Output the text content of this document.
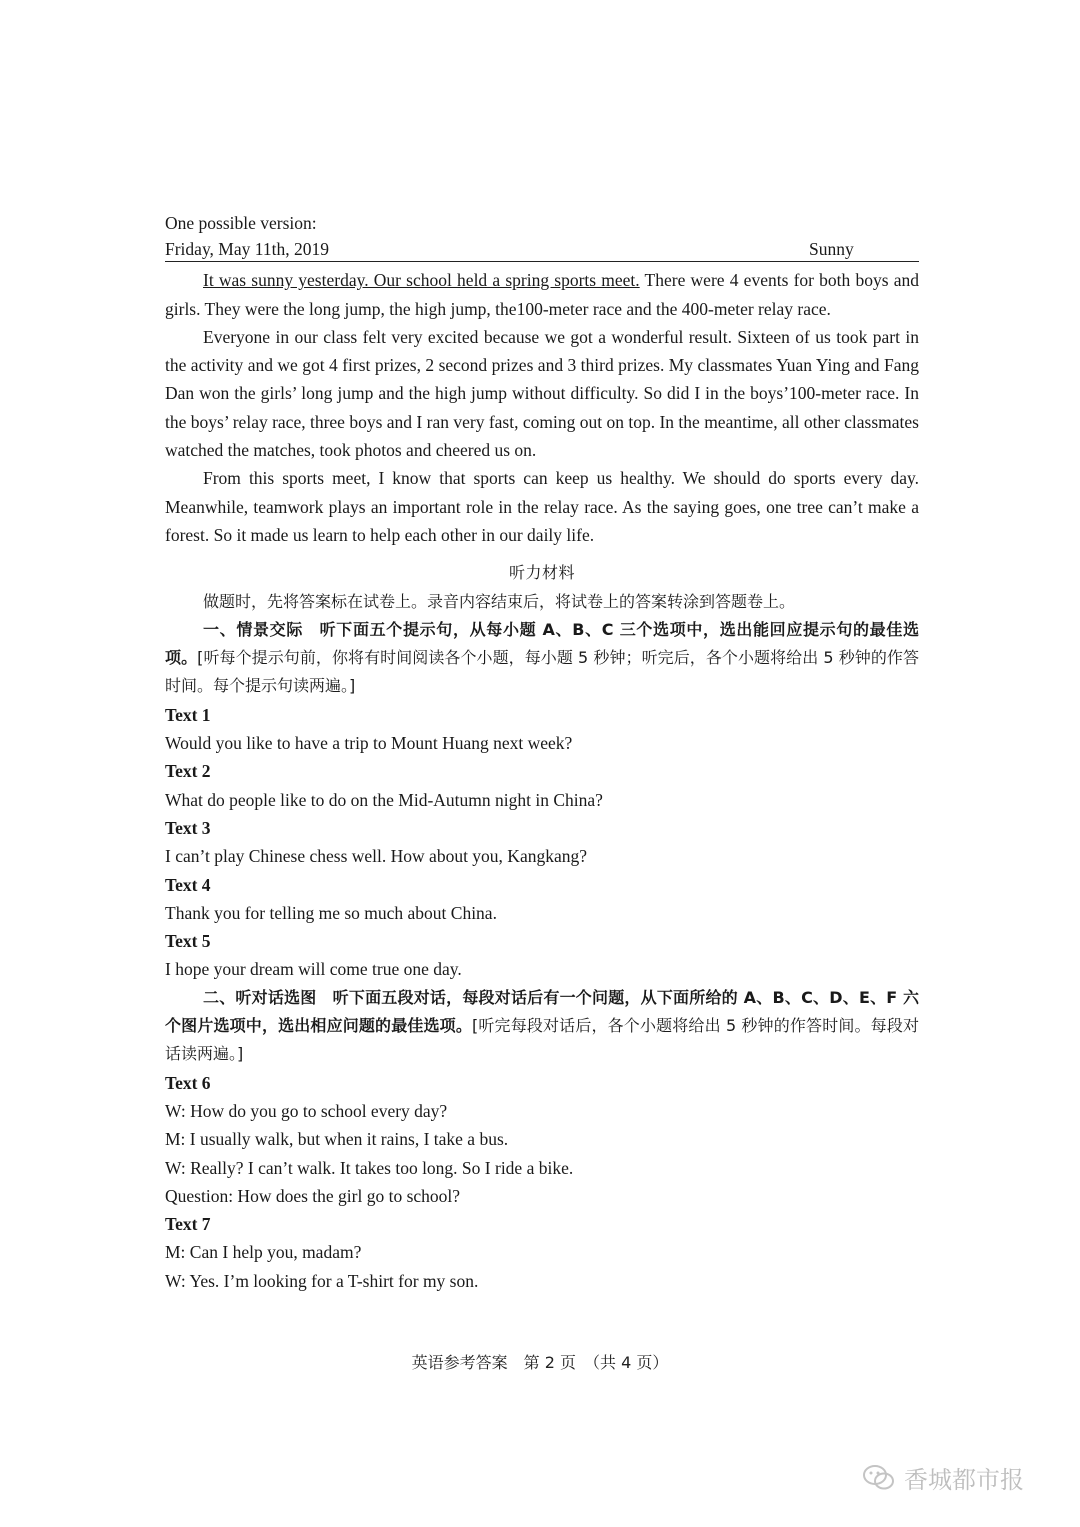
One possible version:
Friday, May 11th, 2019	Sunny

It was sunny yesterday. Our school held a spring sports meet. There were 4 events for both boys and girls. They were the long jump, the high jump, the100-meter race and the 400-meter relay race.

Everyone in our class felt very excited because we got a wonderful result. Sixteen of us took part in the activity and we got 4 first prizes, 2 second prizes and 3 third prizes. My classmates Yuan Ying and Fang Dan won the girls’ long jump and the high jump without difficulty. So did I in the boys’100-meter race. In the boys’ relay race, three boys and I ran very fast, coming out on top. In the meantime, all other classmates watched the matches, took photos and cheered us on.

From this sports meet, I know that sports can keep us healthy. We should do sports every day. Meanwhile, teamwork plays an important role in the relay race. As the saying goes, one tree can’t make a forest. So it made us learn to help each other in our daily life.

听力材料

做题时，先将答案标在试卷上。录音内容结束后，将试卷上的答案转涂到答题卷上。

一、情景交际　听下面五个提示句，从每小题 A、B、C 三个选项中，选出能回应提示句的最佳选项。[听每个提示句前，你将有时间阅读各个小题，每小题 5 秒钟；听完后，各个小题将给出 5 秒钟的作答时间。每个提示句读两遍。]

Text 1
Would you like to have a trip to Mount Huang next week?
Text 2
What do people like to do on the Mid-Autumn night in China?
Text 3
I can’t play Chinese chess well. How about you, Kangkang?
Text 4
Thank you for telling me so much about China.
Text 5
I hope your dream will come true one day.

二、听对话选图　听下面五段对话，每段对话后有一个问题，从下面所给的 A、B、C、D、E、F 六个图片选项中，选出相应问题的最佳选项。[听完每段对话后，各个小题将给出 5 秒钟的作答时间。每段对话读两遍。]

Text 6
W: How do you go to school every day?
M: I usually walk, but when it rains, I take a bus.
W: Really? I can’t walk. It takes too long. So I ride a bike.
Question: How does the girl go to school?
Text 7
M: Can I help you, madam?
W: Yes. I’m looking for a T-shirt for my son.
英语参考答案　第 2 页　（共 4 页）
香城都市报
